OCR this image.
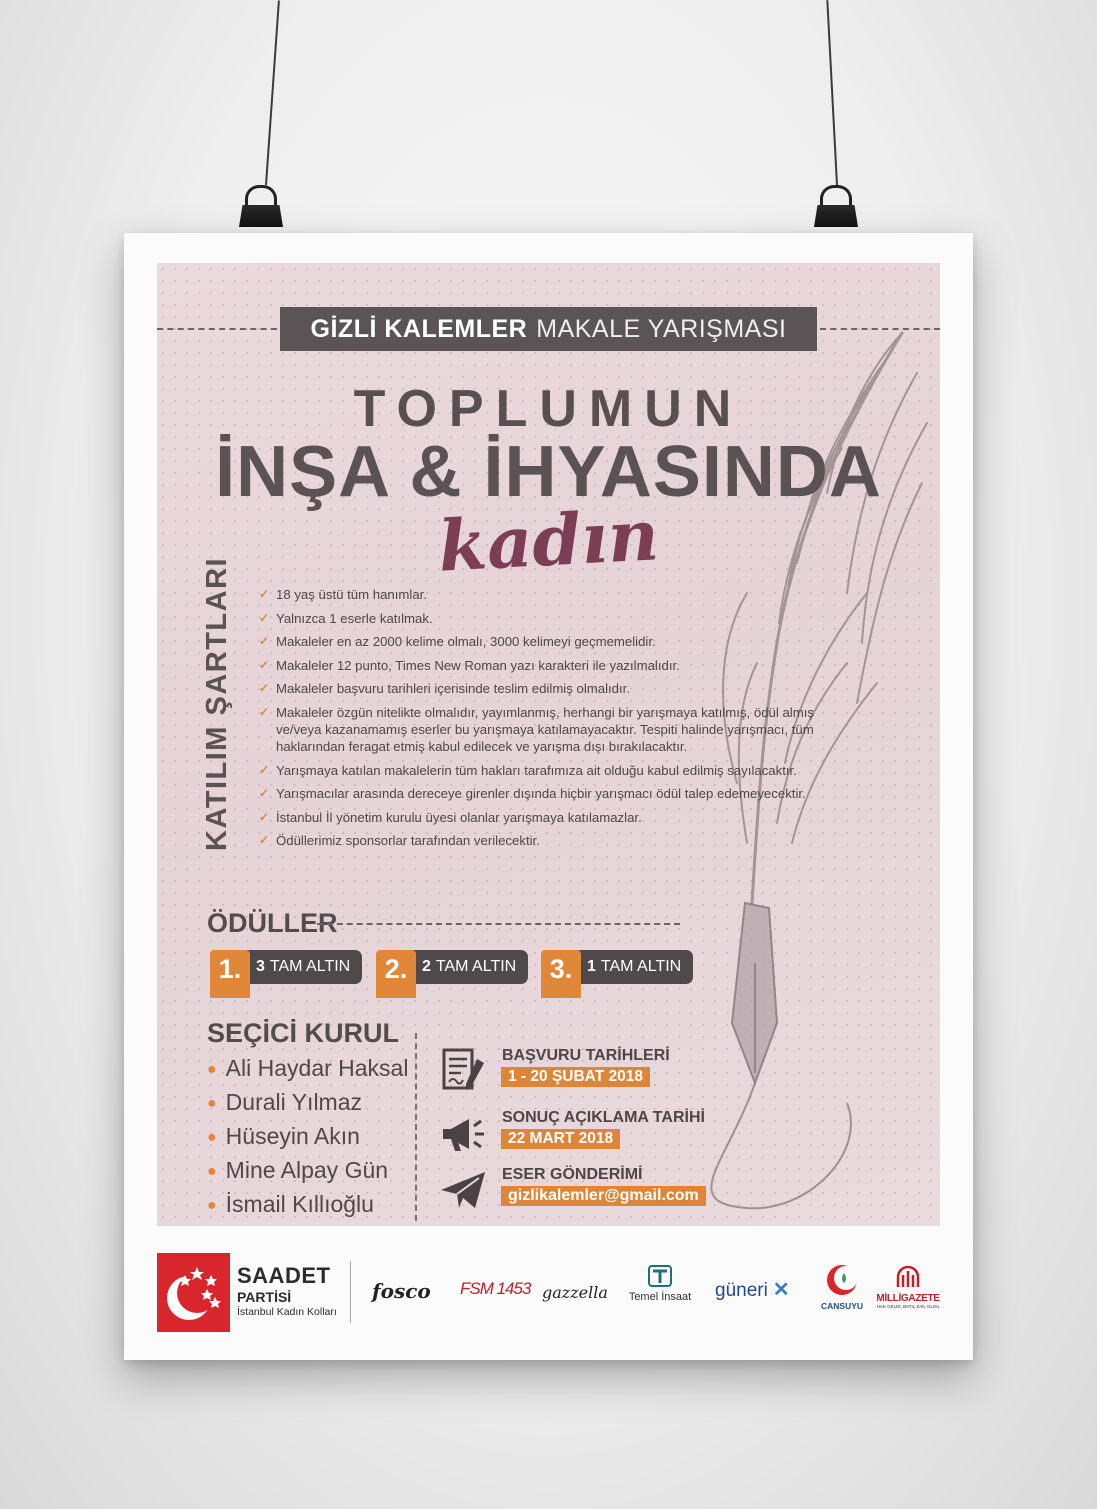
GİZLİ KALEMLER MAKALE YARIŞMASI
TOPLUMUN
İNŞA & İHYASINDA
kadın
KATILIM ŞARTLARI ✓ 18 yaş üstü tüm hanımlar.
✓ Yalnızca 1 eserle katılmak.
✓ Makaleler en az 2000 kelime olmalı, 3000 kelimeyi geçmemelidir.
✓ Makaleler 12 punto, Times New Roman yazı karakteri ile yazılmalıdır.
✓ Makaleler başvuru tarihleri içerisinde teslim edilmiş olmalıdır.
✓ Makaleler özgün nitelikte olmalıdır, yayımlanmış, herhangi bir yarışmaya katılmış, ödül almış ve/veya kazanamamış eserler bu yarışmaya katılamayacaktır. Tespiti halinde yarışmacı, tüm haklarından feragat etmiş kabul edilecek ve yarışma dışı bırakılacaktır.
✓ Yarışmaya katılan makalelerin tüm hakları tarafımıza ait olduğu kabul edilmiş sayılacaktır.
✓ Yarışmacılar arasında dereceye girenler dışında hiçbir yarışmacı ödül talep edemeyecektir.
✓ İstanbul İl yönetim kurulu üyesi olanlar yarışmaya katılamazlar.
✓ Ödüllerimiz sponsorlar tarafından verilecektir.
ÖDÜLLER
3 TAM ALTIN
1.	2 TAM ALTIN
2.	1 TAM ALTIN
3.
SEÇİCİ KURUL
● Ali Haydar Haksal
● Durali Yılmaz
● Hüseyin Akın
● Mine Alpay Gün
● İsmail Kıllıoğlu
BAŞVURU TARİHLERİ
1 - 20 ŞUBAT 2018
SONUÇ AÇIKLAMA TARİHİ
22 MART 2018
ESER GÖNDERİMİ
gizlikalemler@gmail.com
SAADET
PARTİSİ
İstanbul Kadın Kolları
fosco FSM 1453 gazzella	Temel İnsaat güneri ✕
CANSUYU
MİLLİGAZETE
HAK GELDİ, BATIL ZAİL OLDU
